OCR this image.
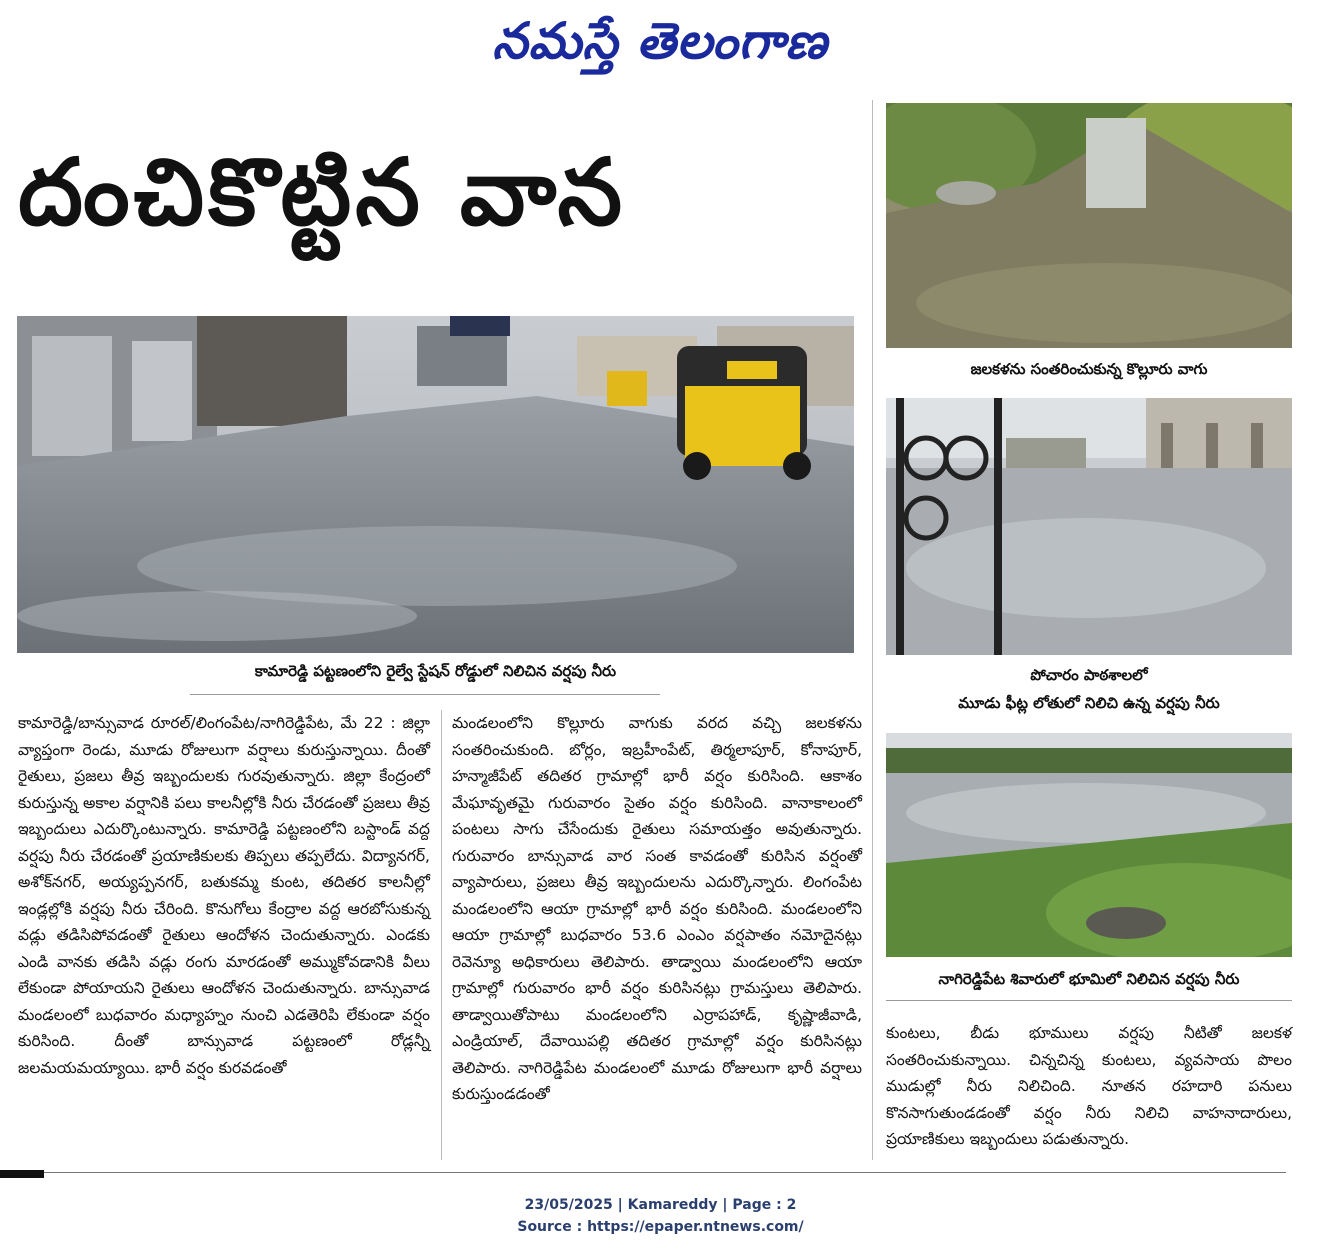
నమస్తే తెలంగాణ
దంచికొట్టిన వాన
కామారెడ్డి పట్టణంలోని రైల్వే స్టేషన్ రోడ్డులో నిలిచిన వర్షపు నీరు
జలకళను సంతరించుకున్న కొల్లూరు వాగు
పోచారం పాఠశాలలో
మూడు ఫీట్ల లోతులో నిలిచి ఉన్న వర్షపు నీరు
నాగిరెడ్డిపేట శివారులో భూమిలో నిలిచిన వర్షపు నీరు

కామారెడ్డి/బాన్సువాడ రూరల్/లింగంపేట/నాగిరెడ్డిపేట, మే 22 : జిల్లా వ్యాప్తంగా రెండు, మూడు రోజులుగా వర్షాలు కురుస్తున్నాయి. దీంతో రైతులు, ప్రజలు తీవ్ర ఇబ్బందులకు గురవుతున్నారు. జిల్లా కేంద్రంలో కురుస్తున్న అకాల వర్షానికి పలు కాలనీల్లోకి నీరు చేరడంతో ప్రజలు తీవ్ర ఇబ్బందులు ఎదుర్కొంటున్నారు. కామారెడ్డి పట్టణంలోని బస్టాండ్ వద్ద వర్షపు నీరు చేరడంతో ప్రయాణికులకు తిప్పలు తప్పలేదు. విద్యానగర్, అశోక్‌నగర్, అయ్యప్పనగర్, బతుకమ్మ కుంట, తదితర కాలనీల్లో ఇండ్లల్లోకి వర్షపు నీరు చేరింది. కొనుగోలు కేంద్రాల వద్ద ఆరబోసుకున్న వడ్లు తడిసిపోవడంతో రైతులు ఆందోళన చెందుతున్నారు. ఎండకు ఎండి వానకు తడిసి వడ్లు రంగు మారడంతో అమ్ముకోవడానికి వీలు లేకుండా పోయాయని రైతులు ఆందోళన చెందుతున్నారు. బాన్సువాడ మండలంలో బుధవారం మధ్యాహ్నం నుంచి ఎడతెరిపి లేకుండా వర్షం కురిసింది. దీంతో బాన్సువాడ పట్టణంలో రోడ్లన్నీ జలమయమయ్యాయి. భారీ వర్షం కురవడంతో

మండలంలోని కొల్లూరు వాగుకు వరద వచ్చి జలకళను సంతరించుకుంది. బోర్లం, ఇబ్రహీంపేట్, తిర్మలాపూర్, కోనాపూర్, హన్మాజీపేట్ తదితర గ్రామాల్లో భారీ వర్షం కురిసింది. ఆకాశం మేఘావృతమై గురువారం సైతం వర్షం కురిసింది. వానాకాలంలో పంటలు సాగు చేసేందుకు రైతులు సమాయత్తం అవుతున్నారు. గురువారం బాన్సువాడ వార సంత కావడంతో కురిసిన వర్షంతో వ్యాపారులు, ప్రజలు తీవ్ర ఇబ్బందులను ఎదుర్కొన్నారు. లింగంపేట మండలంలోని ఆయా గ్రామాల్లో భారీ వర్షం కురిసింది. మండలంలోని ఆయా గ్రామాల్లో బుధవారం 53.6 ఎంఎం వర్షపాతం నమోదైనట్లు రెవెన్యూ అధికారులు తెలిపారు. తాడ్వాయి మండలంలోని ఆయా గ్రామాల్లో గురువారం భారీ వర్షం కురిసినట్లు గ్రామస్తులు తెలిపారు. తాడ్వాయితోపాటు మండలంలోని ఎర్రాపహాడ్, కృష్ణాజీవాడి, ఎండ్రియాల్, దేవాయిపల్లి తదితర గ్రామాల్లో వర్షం కురిసినట్లు తెలిపారు. నాగిరెడ్డిపేట మండలంలో మూడు రోజులుగా భారీ వర్షాలు కురుస్తుండడంతో

కుంటలు, బీడు భూములు వర్షపు నీటితో జలకళ సంతరించుకున్నాయి. చిన్నచిన్న కుంటలు, వ్యవసాయ పొలం ముడుల్లో నీరు నిలిచింది. నూతన రహదారి పనులు కొనసాగుతుండడంతో వర్షం నీరు నిలిచి వాహనాదారులు, ప్రయాణికులు ఇబ్బందులు పడుతున్నారు.

23/05/2025 | Kamareddy | Page : 2
Source : https://epaper.ntnews.com/
